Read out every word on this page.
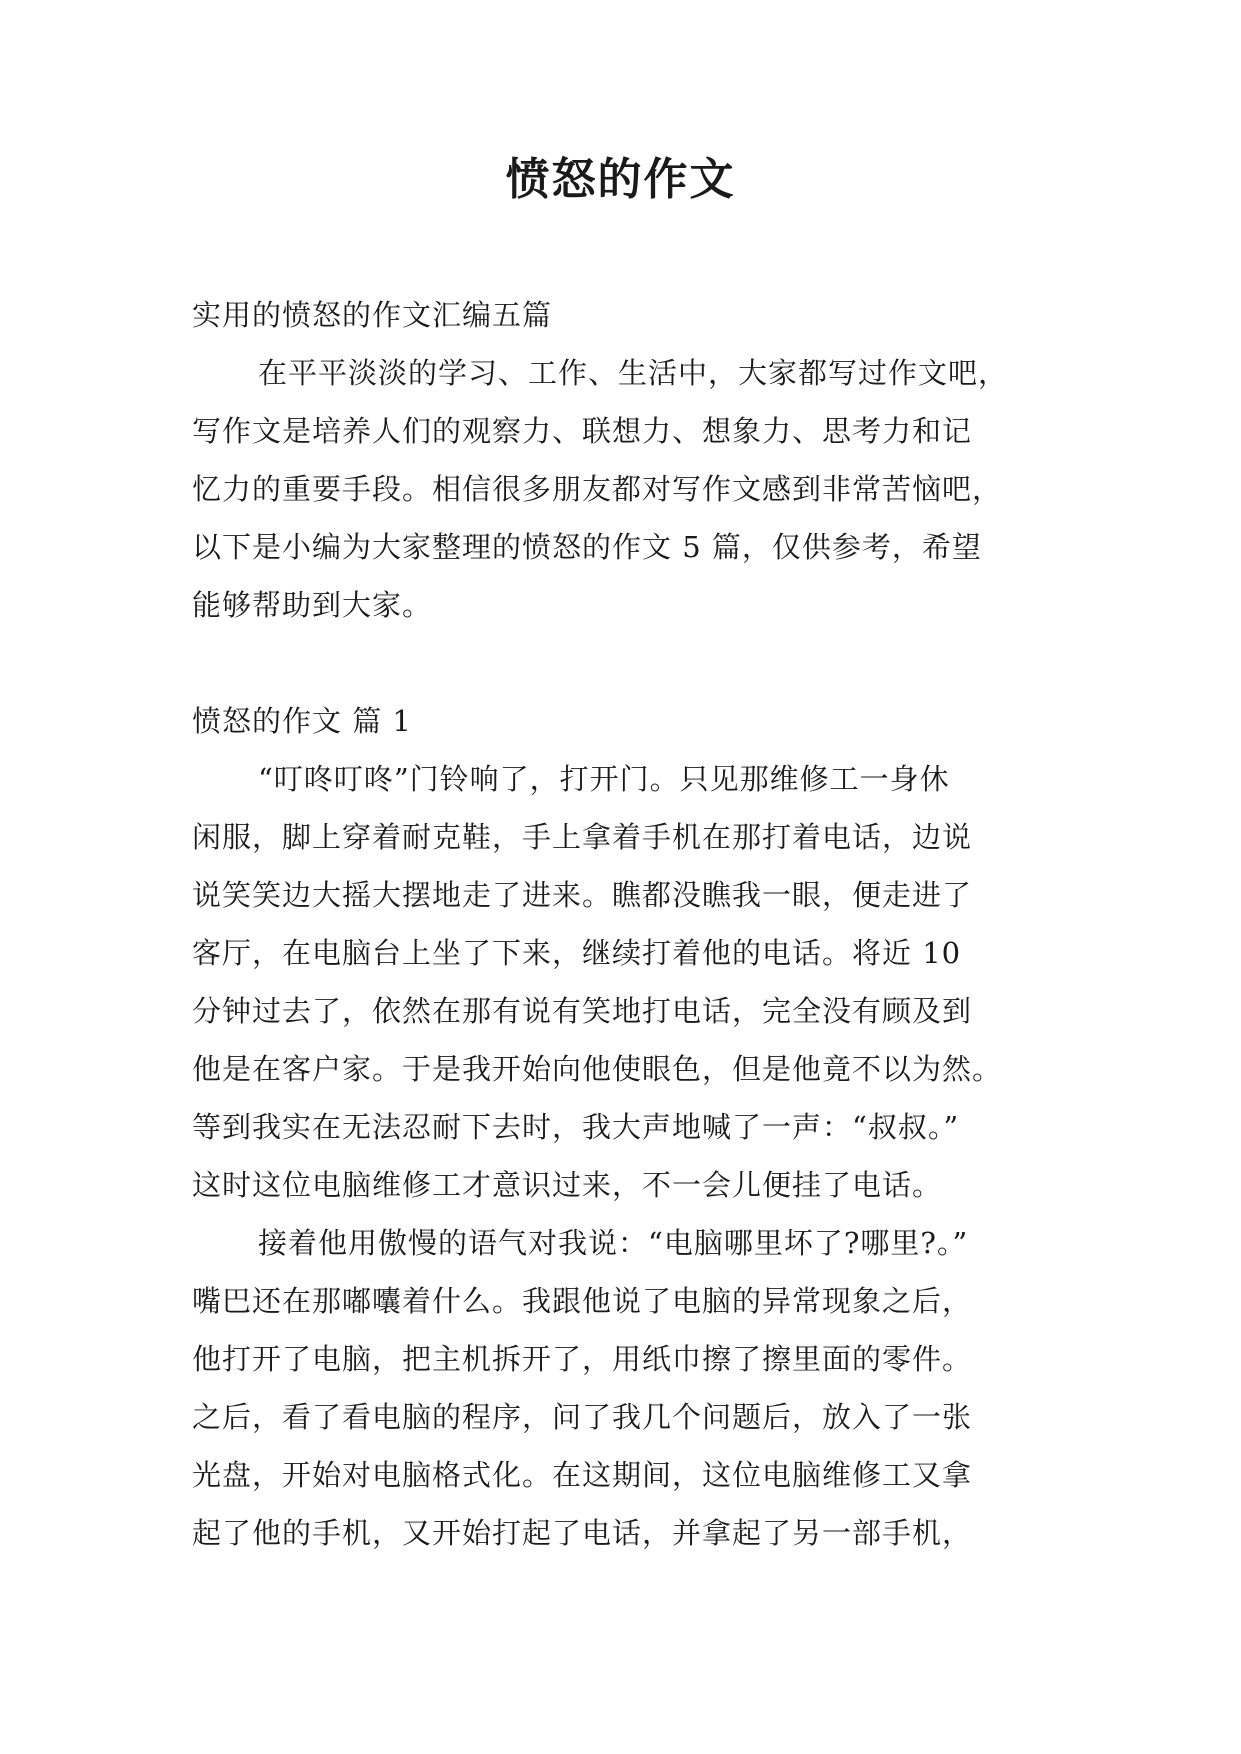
愤怒的作文
实用的愤怒的作文汇编五篇
在平平淡淡的学习、工作、生活中，大家都写过作文吧，
写作文是培养人们的观察力、联想力、想象力、思考力和记
忆力的重要手段。相信很多朋友都对写作文感到非常苦恼吧，
以下是小编为大家整理的愤怒的作文 5 篇，仅供参考，希望
能够帮助到大家。
愤怒的作文 篇 1
“叮咚叮咚”门铃响了，打开门。只见那维修工一身休
闲服，脚上穿着耐克鞋，手上拿着手机在那打着电话，边说
说笑笑边大摇大摆地走了进来。瞧都没瞧我一眼，便走进了
客厅，在电脑台上坐了下来，继续打着他的电话。将近 10
分钟过去了，依然在那有说有笑地打电话，完全没有顾及到
他是在客户家。于是我开始向他使眼色，但是他竟不以为然。
等到我实在无法忍耐下去时，我大声地喊了一声：“叔叔。”
这时这位电脑维修工才意识过来，不一会儿便挂了电话。
接着他用傲慢的语气对我说：“电脑哪里坏了?哪里?。”
嘴巴还在那嘟囔着什么。我跟他说了电脑的异常现象之后，
他打开了电脑，把主机拆开了，用纸巾擦了擦里面的零件。
之后，看了看电脑的程序，问了我几个问题后，放入了一张
光盘，开始对电脑格式化。在这期间，这位电脑维修工又拿
起了他的手机，又开始打起了电话，并拿起了另一部手机，
